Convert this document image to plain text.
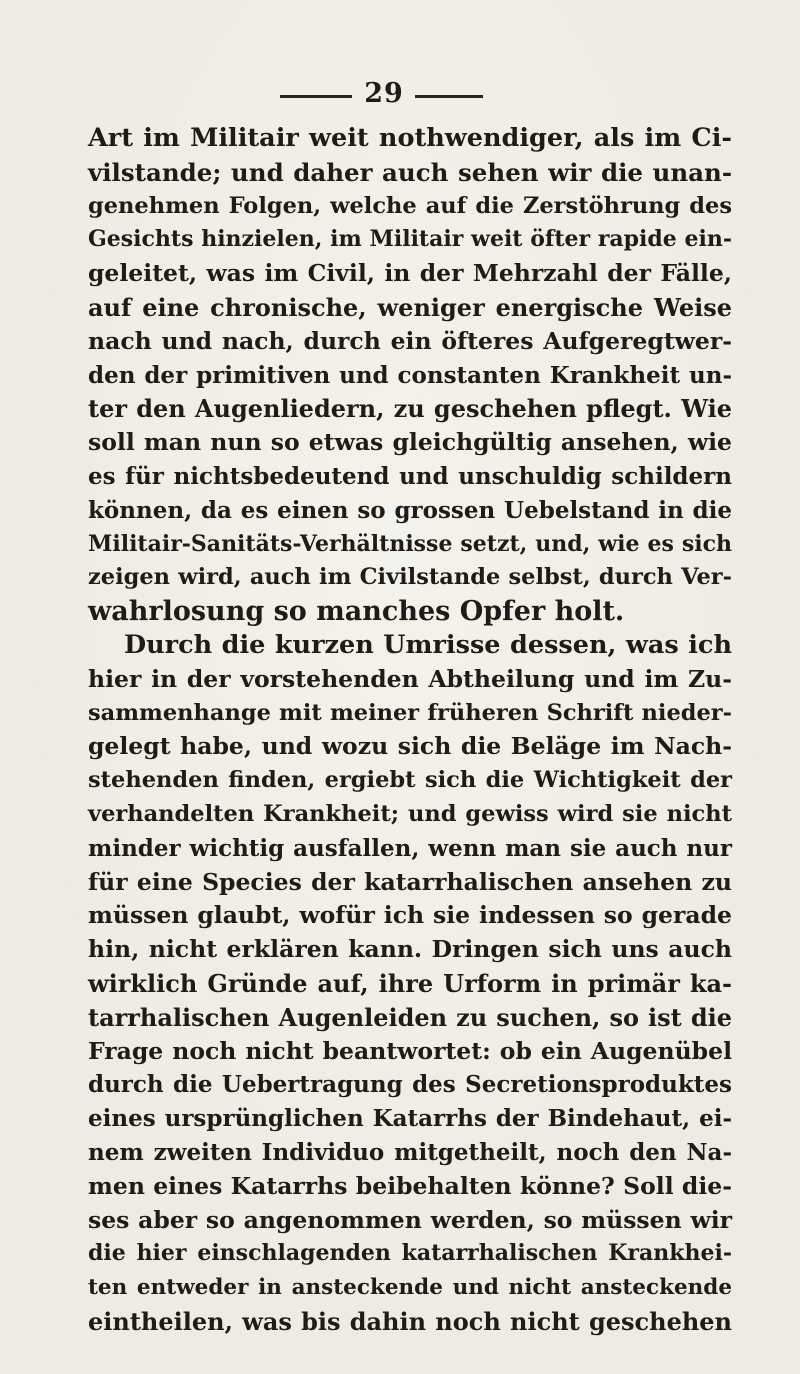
29
Art im Militair weit nothwendiger, als im Ci-
vilstande; und daher auch sehen wir die unan-
genehmen Folgen, welche auf die Zerstöhrung des
Gesichts hinzielen, im Militair weit öfter rapide ein-
geleitet, was im Civil, in der Mehrzahl der Fälle,
auf eine chronische, weniger energische Weise
nach und nach, durch ein öfteres Aufgeregtwer-
den der primitiven und constanten Krankheit un-
ter den Augenliedern, zu geschehen pflegt. Wie
soll man nun so etwas gleichgültig ansehen, wie
es für nichtsbedeutend und unschuldig schildern
können, da es einen so grossen Uebelstand in die
Militair-Sanitäts-Verhältnisse setzt, und, wie es sich
zeigen wird, auch im Civilstande selbst, durch Ver-
wahrlosung so manches Opfer holt.
Durch die kurzen Umrisse dessen, was ich
hier in der vorstehenden Abtheilung und im Zu-
sammenhange mit meiner früheren Schrift nieder-
gelegt habe, und wozu sich die Beläge im Nach-
stehenden finden, ergiebt sich die Wichtigkeit der
verhandelten Krankheit; und gewiss wird sie nicht
minder wichtig ausfallen, wenn man sie auch nur
für eine Species der katarrhalischen ansehen zu
müssen glaubt, wofür ich sie indessen so gerade
hin, nicht erklären kann. Dringen sich uns auch
wirklich Gründe auf, ihre Urform in primär ka-
tarrhalischen Augenleiden zu suchen, so ist die
Frage noch nicht beantwortet: ob ein Augenübel
durch die Uebertragung des Secretionsproduktes
eines ursprünglichen Katarrhs der Bindehaut, ei-
nem zweiten Individuo mitgetheilt, noch den Na-
men eines Katarrhs beibehalten könne? Soll die-
ses aber so angenommen werden, so müssen wir
die hier einschlagenden katarrhalischen Krankhei-
ten entweder in ansteckende und nicht ansteckende
eintheilen, was bis dahin noch nicht geschehen
